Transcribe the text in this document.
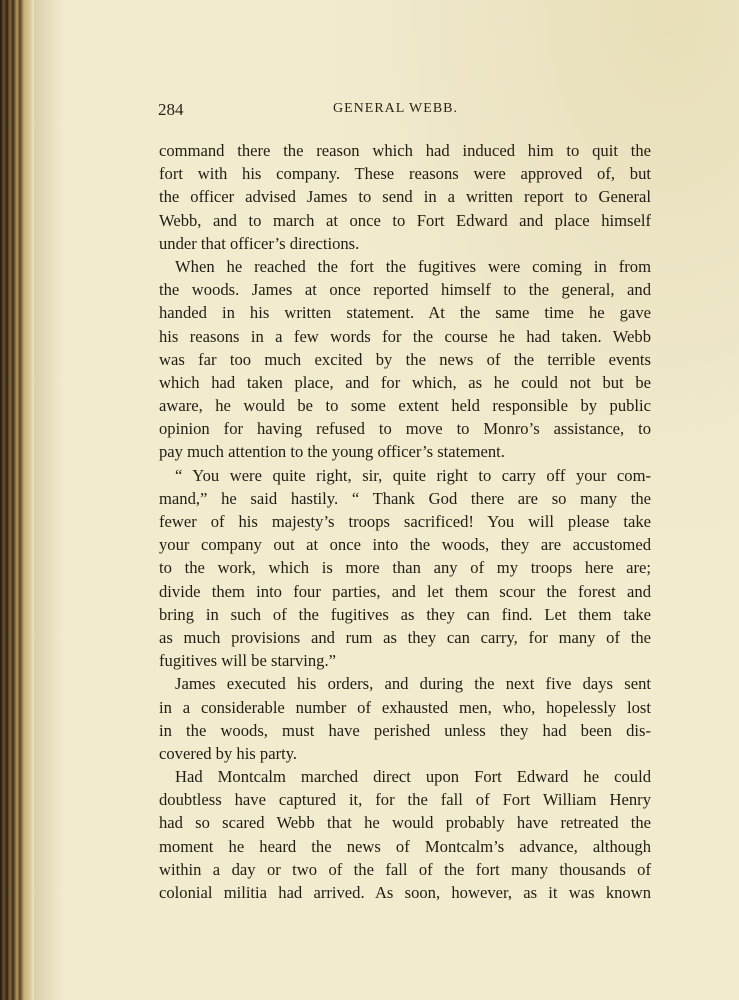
284	GENERAL WEBB.
command there the reason which had induced him to quit the
fort with his company. These reasons were approved of, but
the officer advised James to send in a written report to General
Webb, and to march at once to Fort Edward and place himself
under that officer’s directions.
When he reached the fort the fugitives were coming in from
the woods. James at once reported himself to the general, and
handed in his written statement. At the same time he gave
his reasons in a few words for the course he had taken. Webb
was far too much excited by the news of the terrible events
which had taken place, and for which, as he could not but be
aware, he would be to some extent held responsible by public
opinion for having refused to move to Monro’s assistance, to
pay much attention to the young officer’s statement.
“ You were quite right, sir, quite right to carry off your com-
mand,” he said hastily. “ Thank God there are so many the
fewer of his majesty’s troops sacrificed! You will please take
your company out at once into the woods, they are accustomed
to the work, which is more than any of my troops here are;
divide them into four parties, and let them scour the forest and
bring in such of the fugitives as they can find. Let them take
as much provisions and rum as they can carry, for many of the
fugitives will be starving.”
James executed his orders, and during the next five days sent
in a considerable number of exhausted men, who, hopelessly lost
in the woods, must have perished unless they had been dis-
covered by his party.
Had Montcalm marched direct upon Fort Edward he could
doubtless have captured it, for the fall of Fort William Henry
had so scared Webb that he would probably have retreated the
moment he heard the news of Montcalm’s advance, although
within a day or two of the fall of the fort many thousands of
colonial militia had arrived. As soon, however, as it was known
